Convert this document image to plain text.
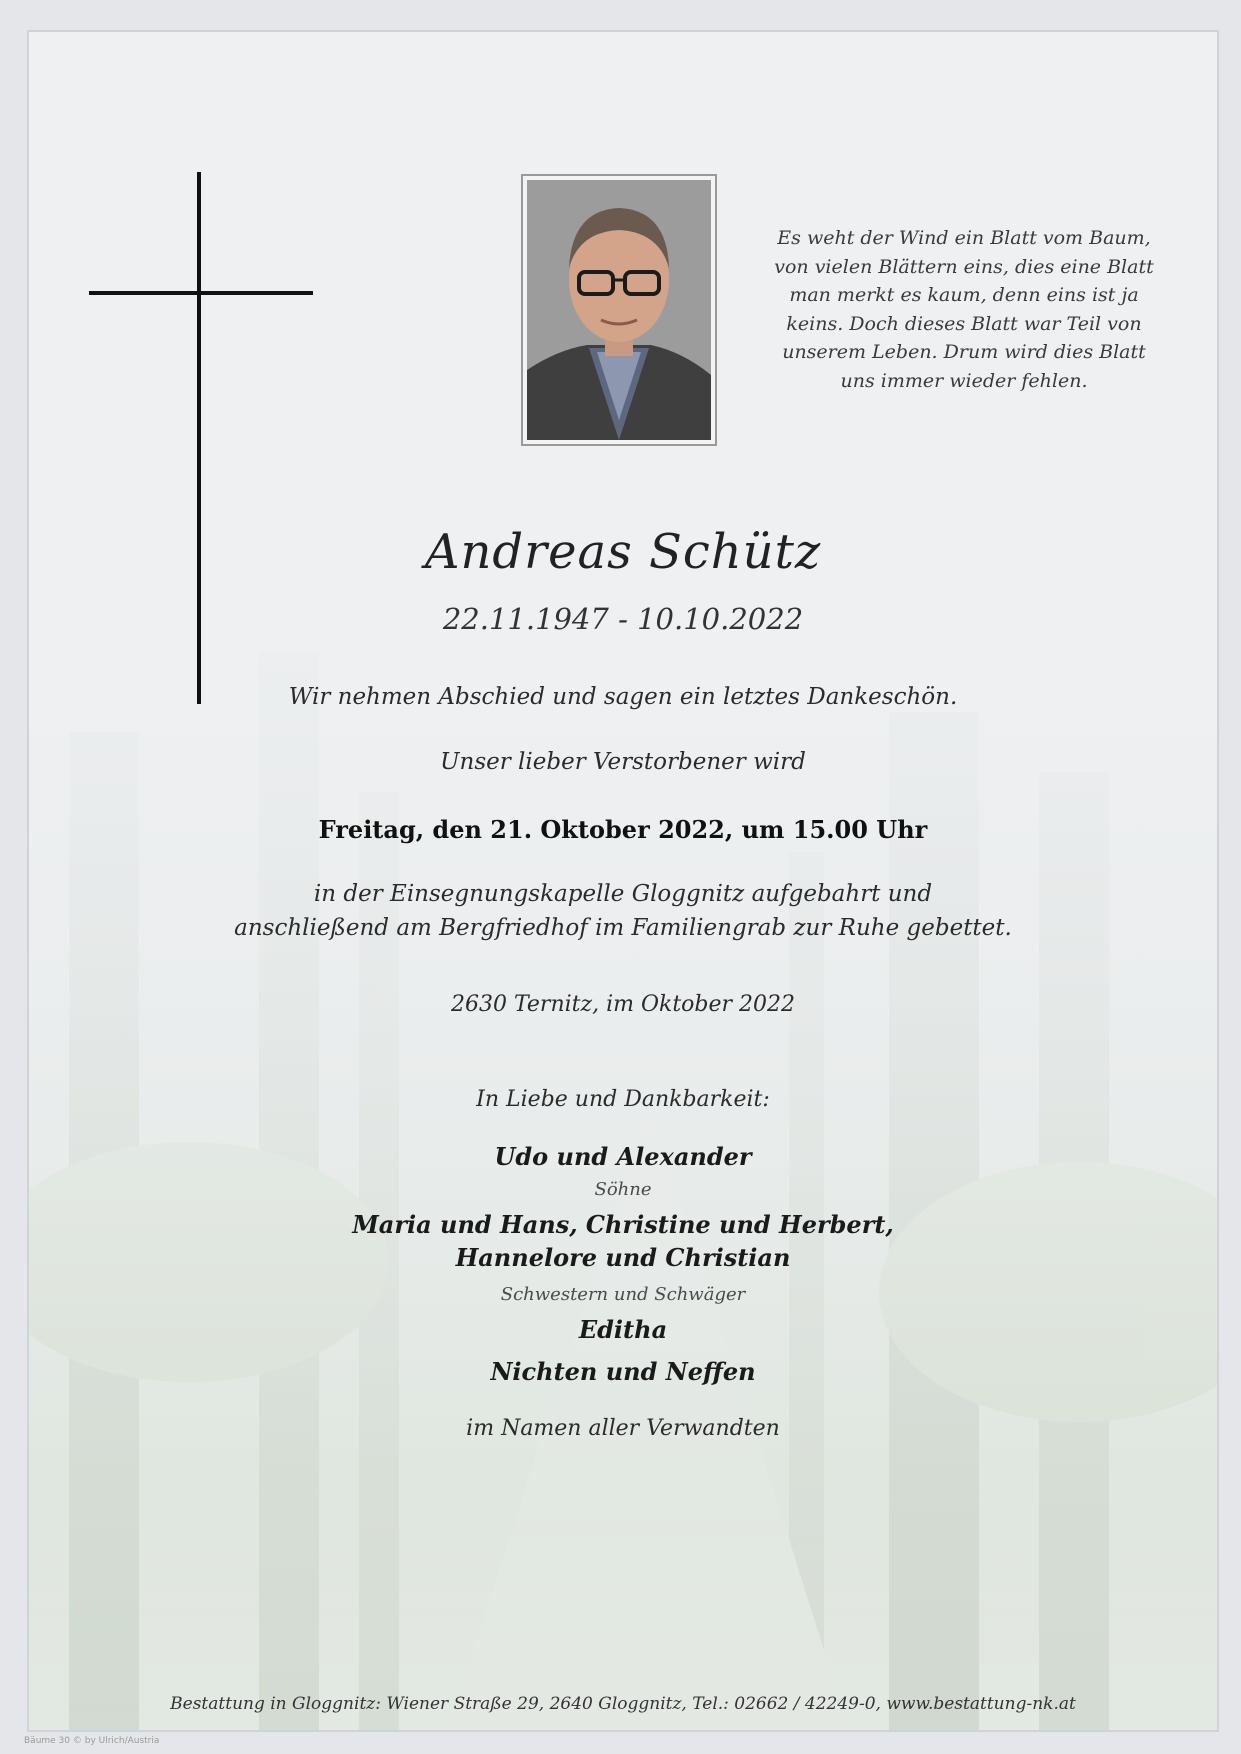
Es weht der Wind ein Blatt vom Baum,
von vielen Blättern eins, dies eine Blatt
man merkt es kaum, denn eins ist ja
keins. Doch dieses Blatt war Teil von
unserem Leben. Drum wird dies Blatt
uns immer wieder fehlen.
Andreas Schütz
22.11.1947 - 10.10.2022
Wir nehmen Abschied und sagen ein letztes Dankeschön.
Unser lieber Verstorbener wird
Freitag, den 21. Oktober 2022, um 15.00 Uhr
in der Einsegnungskapelle Gloggnitz aufgebahrt und
anschließend am Bergfriedhof im Familiengrab zur Ruhe gebettet.
2630 Ternitz, im Oktober 2022
In Liebe und Dankbarkeit:
Udo und Alexander
Söhne
Maria und Hans, Christine und Herbert,
Hannelore und Christian
Schwestern und Schwäger
Editha
Nichten und Neffen
im Namen aller Verwandten
Bestattung in Gloggnitz: Wiener Straße 29, 2640 Gloggnitz, Tel.: 02662 / 42249-0, www.bestattung-nk.at
Bäume 30 © by Ulrich/Austria
